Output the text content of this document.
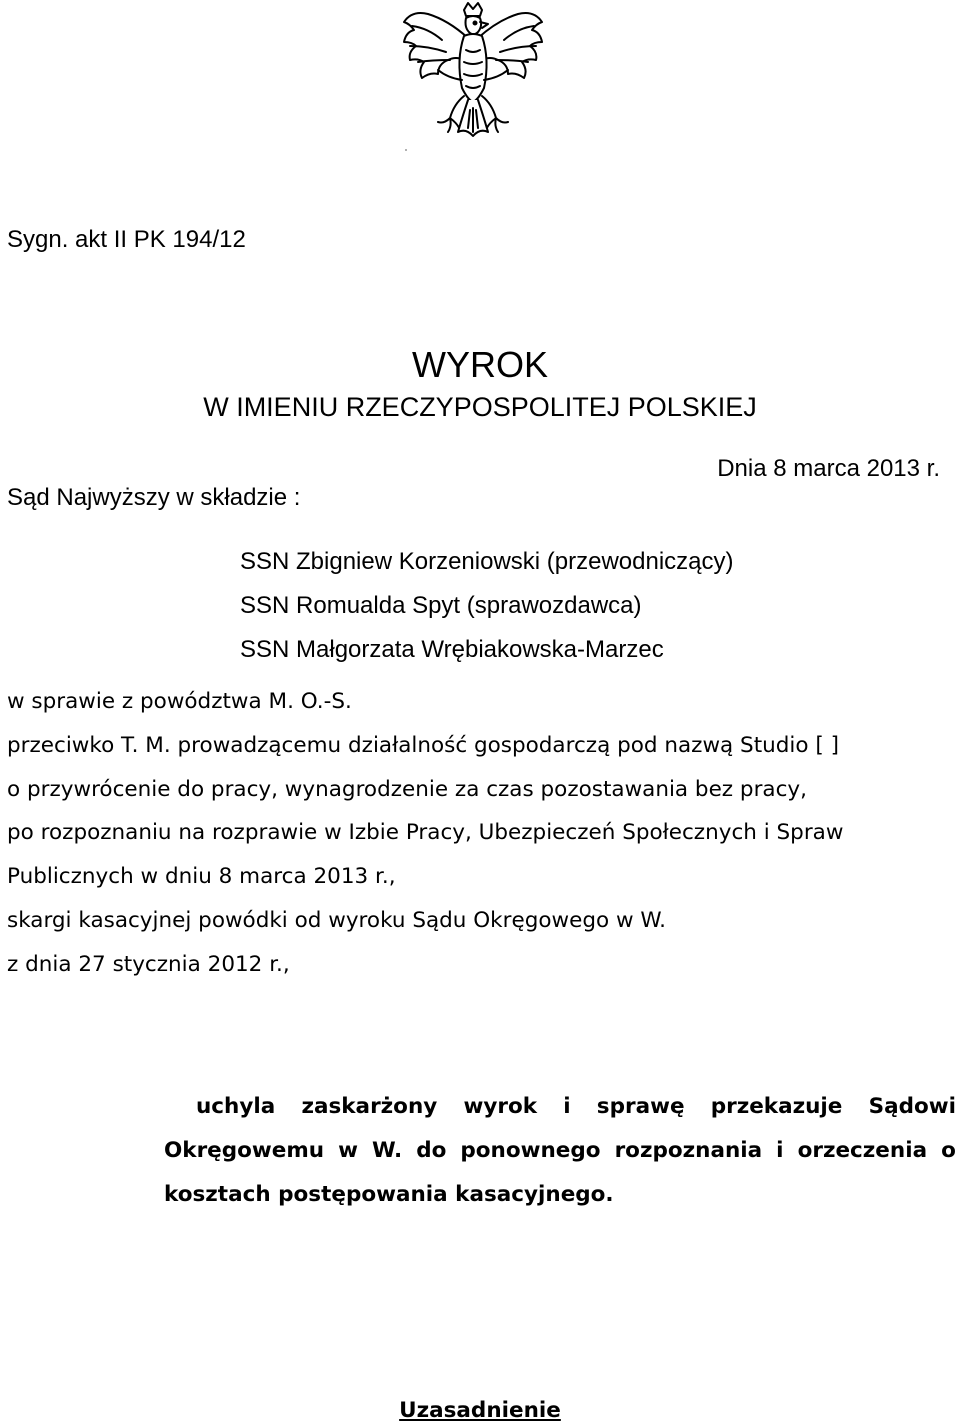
Sygn. akt II PK 194/12
WYROK
W IMIENIU RZECZYPOSPOLITEJ POLSKIEJ
Dnia 8 marca 2013 r.
Sąd Najwyższy w składzie :
SSN Zbigniew Korzeniowski (przewodniczący)
SSN Romualda Spyt (sprawozdawca)
SSN Małgorzata Wrębiakowska-Marzec
w sprawie z powództwa M. O.-S.
przeciwko T. M. prowadzącemu działalność gospodarczą pod nazwą Studio [ ]
o przywrócenie do pracy, wynagrodzenie za czas pozostawania bez pracy,
po rozpoznaniu na rozprawie w Izbie Pracy, Ubezpieczeń Społecznych i Spraw
Publicznych w dniu 8 marca 2013 r.,
skargi kasacyjnej powódki od wyroku Sądu Okręgowego w W.
z dnia 27 stycznia 2012 r.,
uchyla zaskarżony wyrok i sprawę przekazuje Sądowi
Okręgowemu w W. do ponownego rozpoznania i orzeczenia o
kosztach postępowania kasacyjnego.
Uzasadnienie
